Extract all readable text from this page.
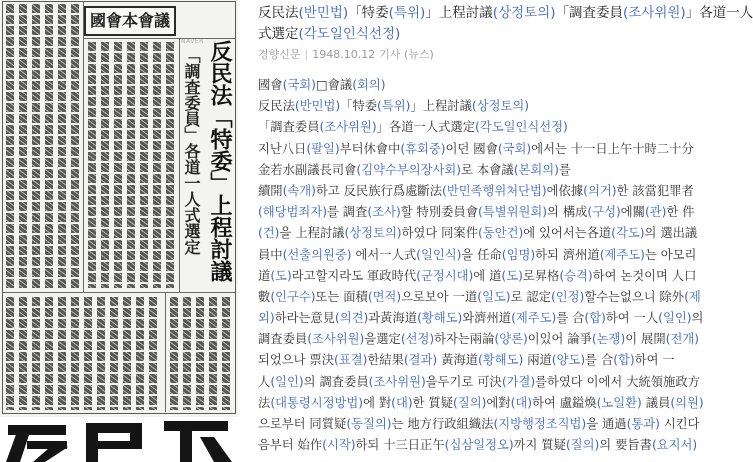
國會本會議
「調査委員」各道一人式選定 反民法「特委」上程討議
NAVER
反民法(반민법)「特委(특위)」上程討議(상정토의)「調査委員(조사위원)」各道一人
式選定(각도일인식선정)
경향신문 | 1948.10.12 기사 (뉴스)
國會(국회)□會議(회의)
反民法(반민법)「特委(특위)」上程討議(상정토의)
「調査委員(조사위원)」各道一人式選定(각도일인식선정)
지난八日(팔일)부터休會中(휴회중)이던 國會(국회)에서는 十一日上午十時二十分
金若水副議長司會(김약수부의장사회)로 本會議(본회의)를
續開(속개)하고 反民族行爲處斷法(반민족행위처단법)에依據(의거)한 該當犯罪者
(해당범죄자)를 調査(조사)할 特別委員會(특별위원회)의 構成(구성)에關(관)한 件
(건)을 上程討議(상정토의)하였다 同案件(동안건)에 있어서는各道(각도)의 選出議
員中(선출의원중) 에서一人式(일인식)을 任命(임명)하되 濟州道(제주도)는 아모리
道(도)라고할지라도 軍政時代(군정시대)에 道(도)로昇格(승격)하여 논것이며 人口
數(인구수)또는 面積(면적)으로보아 一道(일도)로 認定(인정)할수는없으니 除外(제
외)하라는意見(의견)과黃海道(황해도)와濟州道(제주도)를 合(합)하여 一人(일인)의
調査委員(조사위원)을選定(선정)하자는兩論(양론)이있어 論爭(논쟁)이 展開(전개)
되었으나 票決(표결)한結果(결과) 黃海道(황해도) 兩道(양도)를 合(합)하여 一
人(일인)의 調査委員(조사위원)을두기로 可決(가결)를하였다 이에서 大統領施政方
法(대통령시정방법)에 對(대)한 質疑(질의)에對(대)하여 盧鎰煥(노일환) 議員(의원)
으로부터 同質疑(동질의)는 地方行政組織法(지방행정조직법)을 通過(통과) 시킨다
음부터 始作(시작)하되 十三日正午(십삼일정오)까지 質疑(질의)의 要旨書(요지서)
